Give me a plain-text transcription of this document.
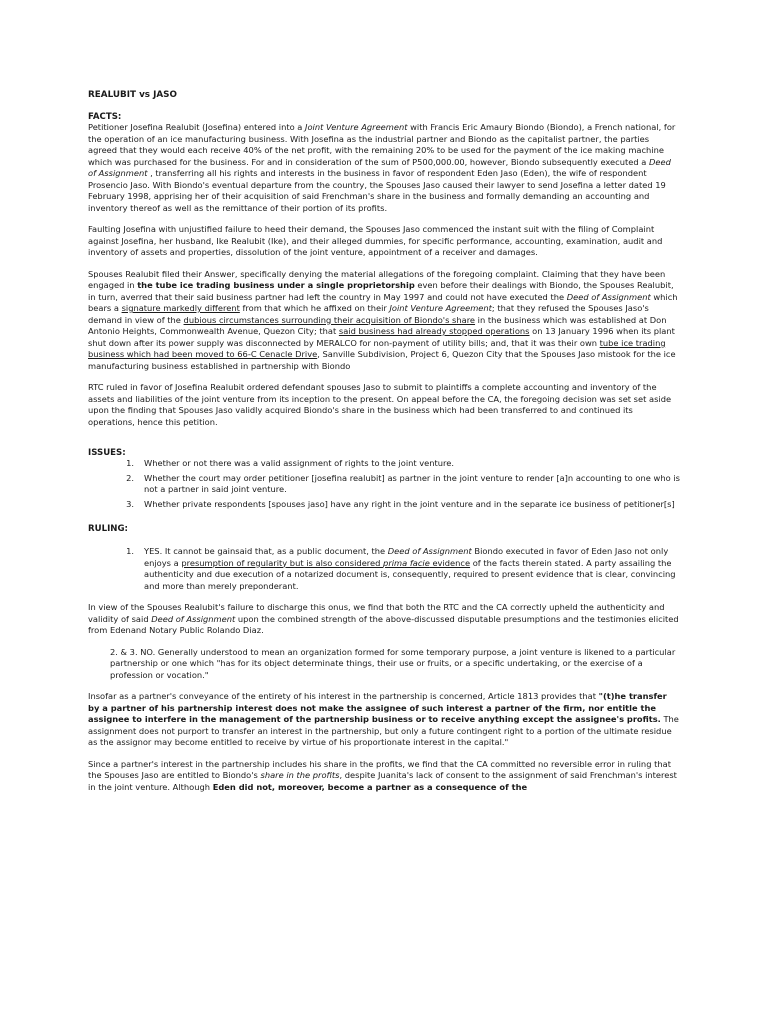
REALUBIT vs JASO
FACTS:

Petitioner Josefina Realubit (Josefina) entered into a Joint Venture Agreement with Francis Eric Amaury Biondo (Biondo), a French national, for the operation of an ice manufacturing business. With Josefina as the industrial partner and Biondo as the capitalist partner, the parties agreed that they would each receive 40% of the net profit, with the remaining 20% to be used for the payment of the ice making machine which was purchased for the business. For and in consideration of the sum of P500,000.00, however, Biondo subsequently executed a Deed of Assignment , transferring all his rights and interests in the business in favor of respondent Eden Jaso (Eden), the wife of respondent Prosencio Jaso. With Biondo's eventual departure from the country, the Spouses Jaso caused their lawyer to send Josefina a letter dated 19 February 1998, apprising her of their acquisition of said Frenchman's share in the business and formally demanding an accounting and inventory thereof as well as the remittance of their portion of its profits.

Faulting Josefina with unjustified failure to heed their demand, the Spouses Jaso commenced the instant suit with the filing of Complaint against Josefina, her husband, Ike Realubit (Ike), and their alleged dummies, for specific performance, accounting, examination, audit and inventory of assets and properties, dissolution of the joint venture, appointment of a receiver and damages.

Spouses Realubit filed their Answer, specifically denying the material allegations of the foregoing complaint. Claiming that they have been engaged in the tube ice trading business under a single proprietorship even before their dealings with Biondo, the Spouses Realubit, in turn, averred that their said business partner had left the country in May 1997 and could not have executed the Deed of Assignment which bears a signature markedly different from that which he affixed on their Joint Venture Agreement; that they refused the Spouses Jaso's demand in view of the dubious circumstances surrounding their acquisition of Biondo's share in the business which was established at Don Antonio Heights, Commonwealth Avenue, Quezon City; that said business had already stopped operations on 13 January 1996 when its plant shut down after its power supply was disconnected by MERALCO for non-payment of utility bills; and, that it was their own tube ice trading business which had been moved to 66-C Cenacle Drive, Sanville Subdivision, Project 6, Quezon City that the Spouses Jaso mistook for the ice manufacturing business established in partnership with Biondo

RTC ruled in favor of Josefina Realubit ordered defendant spouses Jaso to submit to plaintiffs a complete accounting and inventory of the assets and liabilities of the joint venture from its inception to the present. On appeal before the CA, the foregoing decision was set set aside upon the finding that Spouses Jaso validly acquired Biondo's share in the business which had been transferred to and continued its operations, hence this petition.

ISSUES:
1.	Whether or not there was a valid assignment of rights to the joint venture.
2.	Whether the court may order petitioner [josefina realubit] as partner in the joint venture to render [a]n accounting to one who is not a partner in said joint venture.
3.	Whether private respondents [spouses jaso] have any right in the joint venture and in the separate ice business of petitioner[s]
RULING:
1.	YES. It cannot be gainsaid that, as a public document, the Deed of Assignment Biondo executed in favor of Eden Jaso not only enjoys a presumption of regularity but is also considered prima facie evidence of the facts therein stated. A party assailing the authenticity and due execution of a notarized document is, consequently, required to present evidence that is clear, convincing and more than merely preponderant.

In view of the Spouses Realubit's failure to discharge this onus, we find that both the RTC and the CA correctly upheld the authenticity and validity of said Deed of Assignment upon the combined strength of the above-discussed disputable presumptions and the testimonies elicited from Edenand Notary Public Rolando Diaz.

2. & 3. NO. Generally understood to mean an organization formed for some temporary purpose, a joint venture is likened to a particular partnership or one which "has for its object determinate things, their use or fruits, or a specific undertaking, or the exercise of a profession or vocation."

Insofar as a partner's conveyance of the entirety of his interest in the partnership is concerned, Article 1813 provides that "(t)he transfer by a partner of his partnership interest does not make the assignee of such interest a partner of the firm, nor entitle the assignee to interfere in the management of the partnership business or to receive anything except the assignee's profits. The assignment does not purport to transfer an interest in the partnership, but only a future contingent right to a portion of the ultimate residue as the assignor may become entitled to receive by virtue of his proportionate interest in the capital."

Since a partner's interest in the partnership includes his share in the profits, we find that the CA committed no reversible error in ruling that the Spouses Jaso are entitled to Biondo's share in the profits, despite Juanita's lack of consent to the assignment of said Frenchman's interest in the joint venture. Although Eden did not, moreover, become a partner as a consequence of the
